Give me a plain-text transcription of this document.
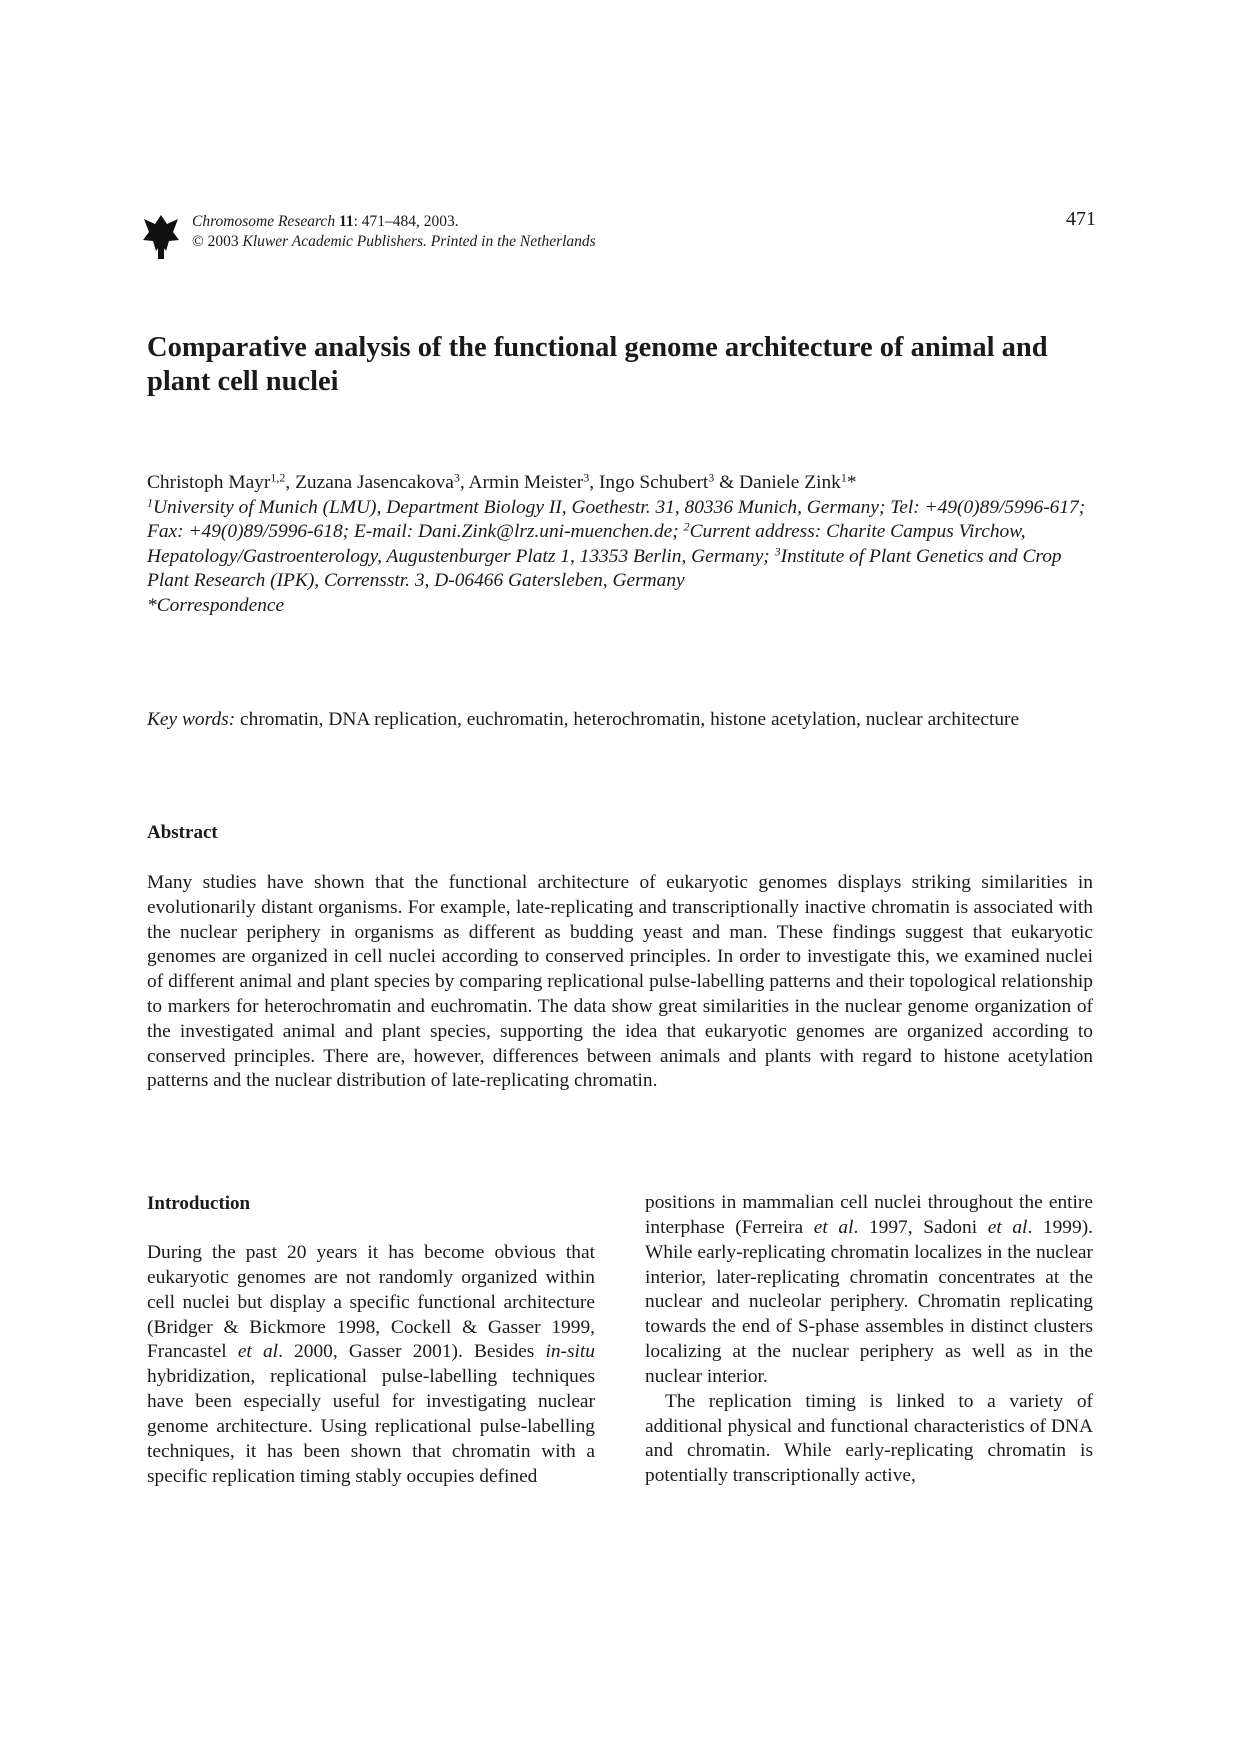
Chromosome Research 11: 471–484, 2003.
© 2003 Kluwer Academic Publishers. Printed in the Netherlands
471
Comparative analysis of the functional genome architecture of animal and plant cell nuclei
Christoph Mayr$^{1,2}$, Zuzana Jasencakova$^3$, Armin Meister$^3$, Ingo Schubert$^3$ & Daniele Zink$^1$*
$^1$University of Munich (LMU), Department Biology II, Goethestr. 31, 80336 Munich, Germany; Tel: +49(0)89/5996-617; Fax: +49(0)89/5996-618; E-mail: Dani.Zink@lrz.uni-muenchen.de; $^2$Current address: Charite Campus Virchow, Hepatology/Gastroenterology, Augustenburger Platz 1, 13353 Berlin, Germany; $^3$Institute of Plant Genetics and Crop Plant Research (IPK), Corrensstr. 3, D-06466 Gatersleben, Germany
*Correspondence
Key words: chromatin, DNA replication, euchromatin, heterochromatin, histone acetylation, nuclear architecture
Abstract

Many studies have shown that the functional architecture of eukaryotic genomes displays striking similarities in evolutionarily distant organisms. For example, late-replicating and transcriptionally inactive chromatin is associated with the nuclear periphery in organisms as different as budding yeast and man. These findings suggest that eukaryotic genomes are organized in cell nuclei according to conserved principles. In order to investigate this, we examined nuclei of different animal and plant species by comparing replicational pulse-labelling patterns and their topological relationship to markers for heterochromatin and euchromatin. The data show great similarities in the nuclear genome organization of the investigated animal and plant species, supporting the idea that eukaryotic genomes are organized according to conserved principles. There are, however, differences between animals and plants with regard to histone acetylation patterns and the nuclear distribution of late-replicating chromatin.

Introduction

During the past 20 years it has become obvious that eukaryotic genomes are not randomly organized within cell nuclei but display a specific functional architecture (Bridger & Bickmore 1998, Cockell & Gasser 1999, Francastel et al. 2000, Gasser 2001). Besides in-situ hybridization, replicational pulse-labelling techniques have been especially useful for investigating nuclear genome architecture. Using replicational pulse-labelling techniques, it has been shown that chromatin with a specific replication timing stably occupies defined

positions in mammalian cell nuclei throughout the entire interphase (Ferreira et al. 1997, Sadoni et al. 1999). While early-replicating chromatin localizes in the nuclear interior, later-replicating chromatin concentrates at the nuclear and nucleolar periphery. Chromatin replicating towards the end of S-phase assembles in distinct clusters localizing at the nuclear periphery as well as in the nuclear interior.

The replication timing is linked to a variety of additional physical and functional characteristics of DNA and chromatin. While early-replicating chromatin is potentially transcriptionally active,
